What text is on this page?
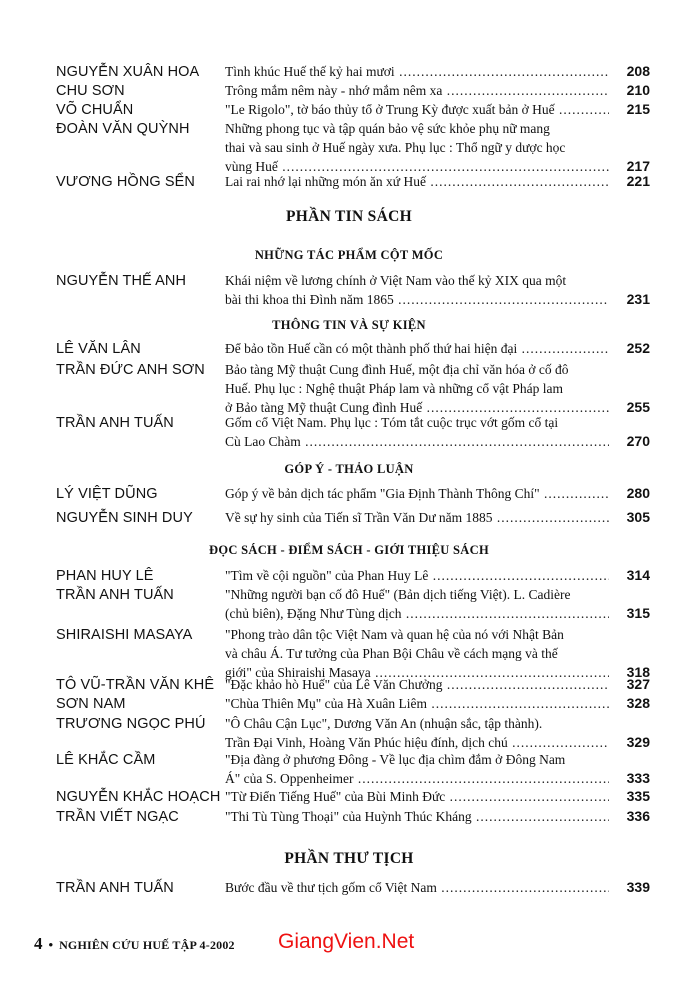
NGUYỄN XUÂN HOA Tình khúc Huế thế kỷ hai mươi .....	208
CHU SƠN	Trông mắm nêm này - nhớ mắm nêm xa .....	210
VÕ CHUẨN	"Le Rigolo", tờ báo thủy tổ ở Trung Kỳ được xuất bản ở Huế .....	215
ĐOÀN VĂN QUỲNH	Những phong tục và tập quán bảo vệ sức khỏe phụ nữ mang
thai và sau sinh ở Huế ngày xưa. Phụ lục : Thổ ngữ y dược học
vùng Huế .....	217
VƯƠNG HỒNG SỂN Lai rai nhớ lại những món ăn xứ Huế .....	221
PHẦN TIN SÁCH
NHỮNG TÁC PHẨM CỘT MỐC
NGUYỄN THẾ ANH	Khái niệm về lương chính ở Việt Nam vào thế kỷ XIX qua một
bài thi khoa thi Đình năm 1865 .....	231
THÔNG TIN VÀ SỰ KIỆN
LÊ VĂN LÂN	Để bảo tồn Huế cần có một thành phố thứ hai hiện đại .....	252
TRẦN ĐỨC ANH SƠN Bảo tàng Mỹ thuật Cung đình Huế, một địa chỉ văn hóa ở cố đô
Huế. Phụ lục : Nghệ thuật Pháp lam và những cổ vật Pháp lam
ở Bảo tàng Mỹ thuật Cung đình Huế .....	255
TRẦN ANH TUẤN	Gốm cổ Việt Nam. Phụ lục : Tóm tắt cuộc trục vớt gốm cổ tại
Cù Lao Chàm .....	270
GÓP Ý - THẢO LUẬN
LÝ VIỆT DŨNG	Góp ý về bản dịch tác phẩm "Gia Định Thành Thông Chí" .....	280
NGUYỄN SINH DUY Về sự hy sinh của Tiến sĩ Trần Văn Dư năm 1885 .....	305
ĐỌC SÁCH - ĐIỂM SÁCH - GIỚI THIỆU SÁCH
PHAN HUY LÊ	"Tìm về cội nguồn" của Phan Huy Lê .....	314
TRẦN ANH TUẤN	"Những người bạn cố đô Huế" (Bản dịch tiếng Việt). L. Cadière
(chủ biên), Đặng Như Tùng dịch .....	315
SHIRAISHI MASAYA "Phong trào dân tộc Việt Nam và quan hệ của nó với Nhật Bản
và châu Á. Tư tưởng của Phan Bội Châu về cách mạng và thế
giới" của Shiraishi Masaya .....	318
TÔ VŨ-TRẦN VĂN KHÊ "Đặc khảo hò Huế" của Lê Văn Chưởng .....	327
SƠN NAM	"Chùa Thiên Mụ" của Hà Xuân Liêm .....	328
TRƯƠNG NGỌC PHÚ "Ô Châu Cận Lục", Dương Văn An (nhuận sắc, tập thành).
Trần Đại Vinh, Hoàng Văn Phúc hiệu đính, dịch chú .....	329
LÊ KHẮC CẦM	"Địa đàng ở phương Đông - Về lục địa chìm đắm ở Đông Nam
Á" của S. Oppenheimer .....	333
NGUYỄN KHẮC HOẠCH "Từ Điển Tiếng Huế" của Bùi Minh Đức .....	335
TRẦN VIẾT NGẠC	"Thi Tù Tùng Thoại" của Huỳnh Thúc Kháng .....	336
PHẦN THƯ TỊCH
TRẦN ANH TUẤN	Bước đầu về thư tịch gốm cổ Việt Nam .....	339
4 • NGHIÊN CỨU HUẾ TẬP 4-2002 GiangVien.Net
